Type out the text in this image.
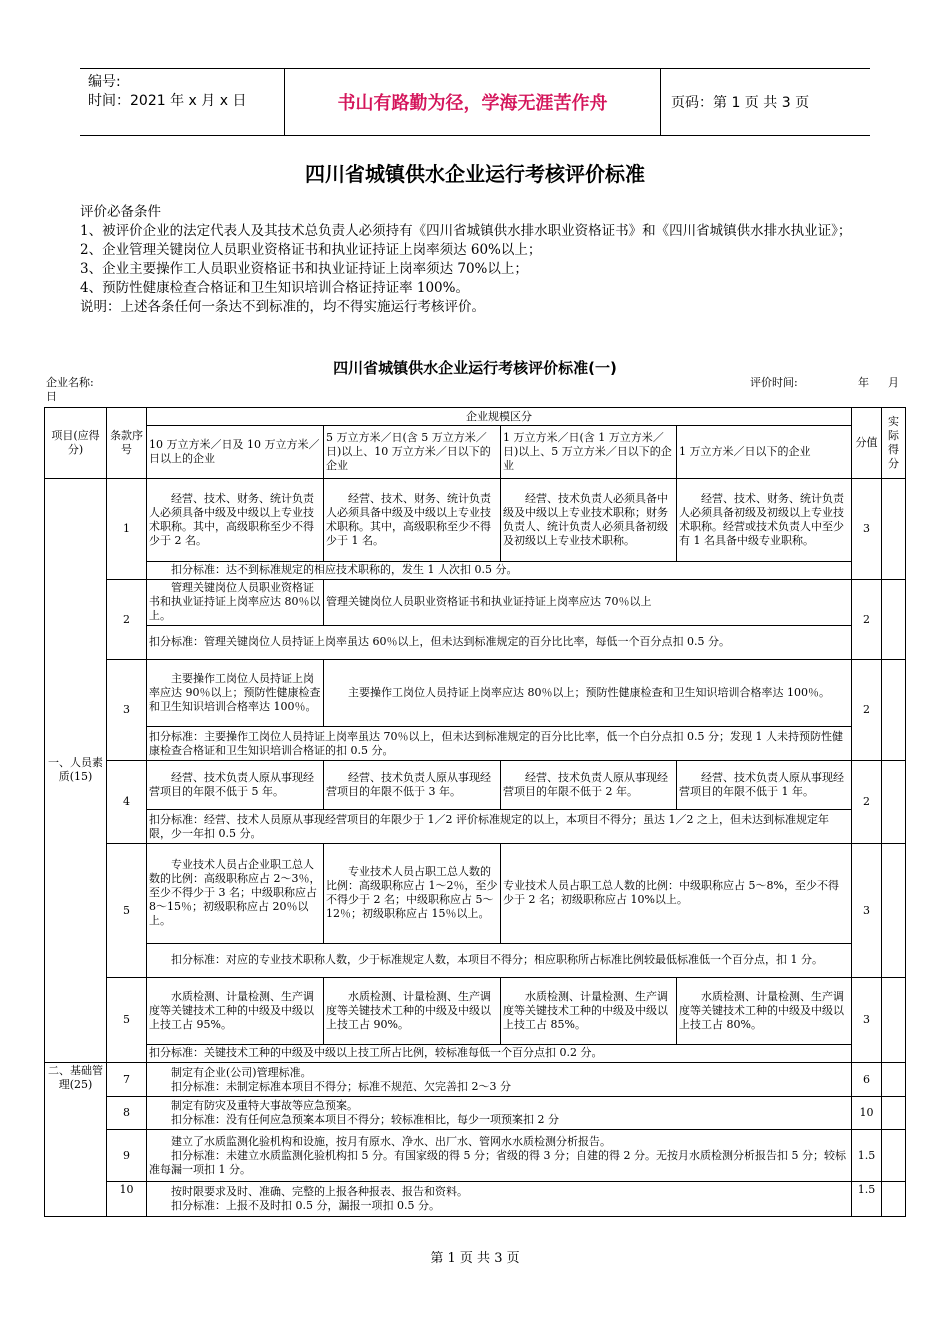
编号:
时间：2021 年 x 月 x 日	书山有路勤为径，学海无涯苦作舟	页码：第 1 页 共 3 页
四川省城镇供水企业运行考核评价标准

评价必备条件

1、被评价企业的法定代表人及其技术总负责人必须持有《四川省城镇供水排水职业资格证书》和《四川省城镇供水排水执业证》；

2、企业管理关键岗位人员职业资格证书和执业证持证上岗率须达 60%以上；

3、企业主要操作工人员职业资格证书和执业证持证上岗率须达 70%以上；

4、预防性健康检查合格证和卫生知识培训合格证持证率 100%。

说明：上述各条任何一条达不到标准的，均不得实施运行考核评价。

四川省城镇供水企业运行考核评价标准(一)
企业名称:
日
评价时间:	年 月
项目(应得分)	条款序号	企业规模区分				分值	实际得分
		10 万立方米／日及 10 万立方米／日以上的企业	5 万立方米／日(含 5 万立方米／日)以上、10 万立方米／日以下的企业	1 万立方米／日(含 1 万立方米／日)以上、5 万立方米／日以下的企业	1 万立方米／日以下的企业		
一、人员素质(15)	1	经营、技术、财务、统计负责人必须具备中级及中级以上专业技术职称。其中，高级职称至少不得少于 2 名。	经营、技术、财务、统计负责人必须具备中级及中级以上专业技术职称。其中，高级职称至少不得少于 1 名。	经营、技术负责人必须具备中级及中级以上专业技术职称；财务负责人、统计负责人必须具备初级及初级以上专业技术职称。	经营、技术、财务、统计负责人必须具备初级及初级以上专业技术职称。经营或技术负责人中至少有 1 名具备中级专业职称。	3	
		扣分标准：达不到标准规定的相应技术职称的，发生 1 人次扣 0.5 分。					
	2	管理关键岗位人员职业资格证书和执业证持证上岗率应达 80％以上。	管理关键岗位人员职业资格证书和执业证持证上岗率应达 70％以上			2	
		扣分标准：管理关键岗位人员持证上岗率虽达 60％以上，但未达到标准规定的百分比比率，每低一个百分点扣 0.5 分。					
	3	主要操作工岗位人员持证上岗率应达 90％以上；预防性健康检查和卫生知识培训合格率达 100％。	主要操作工岗位人员持证上岗率应达 80％以上；预防性健康检查和卫生知识培训合格率达 100％。			2	
		扣分标准：主要操作工岗位人员持证上岗率虽达 70％以上，但未达到标准规定的百分比比率，低一个白分点扣 0.5 分；发现 1 人未持预防性健康检查合格证和卫生知识培训合格证的扣 0.5 分。					
	4	经营、技术负责人原从事现经营项目的年限不低于 5 年。	经营、技术负责人原从事现经营项目的年限不低于 3 年。	经营、技术负责人原从事现经营项目的年限不低于 2 年。	经营、技术负责人原从事现经营项目的年限不低于 1 年。	2	
		扣分标准：经营、技术人员原从事现经营项目的年限少于 1／2 评价标准规定的以上，本项目不得分；虽达 1／2 之上，但未达到标准规定年限，少一年扣 0.5 分。					
	5	专业技术人员占企业职工总人数的比例：高级职称应占 2～3％，至少不得少于 3 名；中级职称应占 8～15％；初级职称应占 20％以上。	专业技术人员占职工总人数的比例：高级职称应占 1～2％，至少不得少于 2 名；中级职称应占 5～12％；初级职称应占 15％以上。	专业技术人员占职工总人数的比例：中级职称应占 5～8%，至少不得少于 2 名；初级职称应占 10%以上。		3	
		扣分标准：对应的专业技术职称人数，少于标准规定人数，本项目不得分；相应职称所占标准比例较最低标准低一个百分点，扣 1 分。					
	5	水质检测、计量检测、生产调度等关键技术工种的中级及中级以上技工占 95%。	水质检测、计量检测、生产调度等关键技术工种的中级及中级以上技工占 90%。	水质检测、计量检测、生产调度等关键技术工种的中级及中级以上技工占 85%。	水质检测、计量检测、生产调度等关键技术工种的中级及中级以上技工占 80%。	3	
		扣分标准：关键技术工种的中级及中级以上技工所占比例，较标准每低一个百分点扣 0.2 分。					
二、基础管理(25)	7	制定有企业(公司)管理标准。
扣分标准：未制定标准本项目不得分；标准不规范、欠完善扣 2～3 分				6	
	8	制定有防灾及重特大事故等应急预案。
扣分标准：没有任何应急预案本项目不得分；较标准相比，每少一项预案扣 2 分				10	
	9	建立了水质监测化验机构和设施，按月有原水、净水、出厂水、管网水水质检测分析报告。
扣分标准：未建立水质监测化验机构扣 5 分。有国家级的得 5 分；省级的得 3 分；自建的得 2 分。无按月水质检测分析报告扣 5 分；较标准每漏一项扣 1 分。				1.5	
	10	按时限要求及时、准确、完整的上报各种报表、报告和资料。
扣分标准：上报不及时扣 0.5 分，漏报一项扣 0.5 分。				1.5	
第 1 页 共 3 页
